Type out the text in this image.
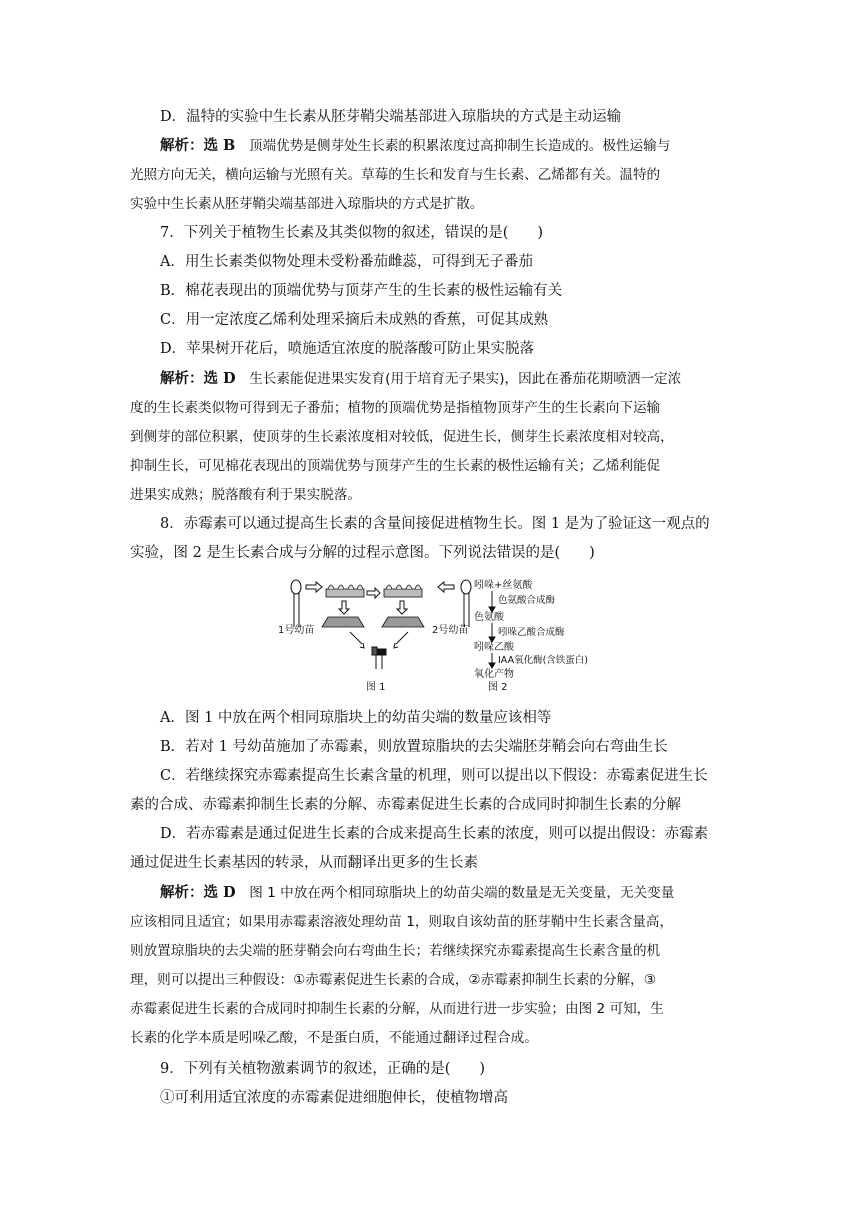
D．温特的实验中生长素从胚芽鞘尖端基部进入琼脂块的方式是主动运输
解析：选 B　顶端优势是侧芽处生长素的积累浓度过高抑制生长造成的。极性运输与
光照方向无关，横向运输与光照有关。草莓的生长和发育与生长素、乙烯都有关。温特的
实验中生长素从胚芽鞘尖端基部进入琼脂块的方式是扩散。
7．下列关于植物生长素及其类似物的叙述，错误的是(　　)
A．用生长素类似物处理未受粉番茄雌蕊，可得到无子番茄
B．棉花表现出的顶端优势与顶芽产生的生长素的极性运输有关
C．用一定浓度乙烯利处理采摘后未成熟的香蕉，可促其成熟
D．苹果树开花后，喷施适宜浓度的脱落酸可防止果实脱落
解析：选 D　生长素能促进果实发育(用于培育无子果实)，因此在番茄花期喷洒一定浓
度的生长素类似物可得到无子番茄；植物的顶端优势是指植物顶芽产生的生长素向下运输
到侧芽的部位积累，使顶芽的生长素浓度相对较低，促进生长，侧芽生长素浓度相对较高，
抑制生长，可见棉花表现出的顶端优势与顶芽产生的生长素的极性运输有关；乙烯利能促
进果实成熟；脱落酸有利于果实脱落。
8．赤霉素可以通过提高生长素的含量间接促进植物生长。图 1 是为了验证这一观点的
实验，图 2 是生长素合成与分解的过程示意图。下列说法错误的是(　　)
A．图 1 中放在两个相同琼脂块上的幼苗尖端的数量应该相等
B．若对 1 号幼苗施加了赤霉素，则放置琼脂块的去尖端胚芽鞘会向右弯曲生长
C．若继续探究赤霉素提高生长素含量的机理，则可以提出以下假设：赤霉素促进生长
素的合成、赤霉素抑制生长素的分解、赤霉素促进生长素的合成同时抑制生长素的分解
D．若赤霉素是通过促进生长素的合成来提高生长素的浓度，则可以提出假设：赤霉素
通过促进生长素基因的转录，从而翻译出更多的生长素
解析：选 D　图 1 中放在两个相同琼脂块上的幼苗尖端的数量是无关变量，无关变量
应该相同且适宜；如果用赤霉素溶液处理幼苗 1，则取自该幼苗的胚芽鞘中生长素含量高，
则放置琼脂块的去尖端的胚芽鞘会向右弯曲生长；若继续探究赤霉素提高生长素含量的机
理，则可以提出三种假设：①赤霉素促进生长素的合成，②赤霉素抑制生长素的分解，③
赤霉素促进生长素的合成同时抑制生长素的分解，从而进行进一步实验；由图 2 可知，生
长素的化学本质是吲哚乙酸，不是蛋白质，不能通过翻译过程合成。
9．下列有关植物激素调节的叙述，正确的是(　　)
①可利用适宜浓度的赤霉素促进细胞伸长，使植物增高
1号幼苗	2号幼苗
图 1
吲哚+丝氨酸
色氨酸合成酶
色氨酸
吲哚乙酸合成酶
吲哚乙酸
IAA氧化酶(含铁蛋白)
氧化产物
图 2
